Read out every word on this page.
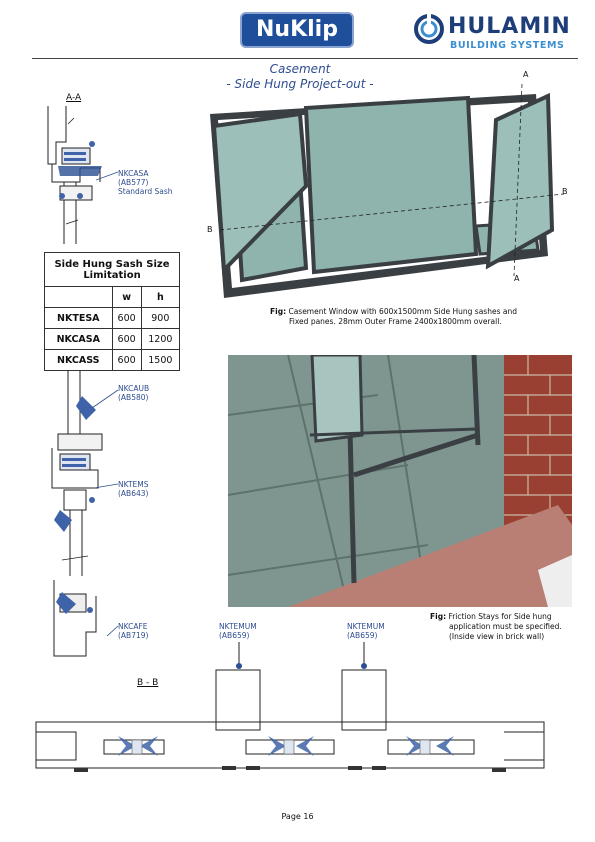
NuKlip	HULAMIN
BUILDING SYSTEMS
Casement
- Side Hung Project-out -
A-A
NKCASA
(AB577)
Standard Sash
Side Hung Sash Size Limitation		
	w	h
NKTESA	600	900
NKCASA	600	1200
NKCASS	600	1500
A
A
B
B
Fig: Casement Window with 600x1500mm Side Hung sashes and
Fixed panes. 28mm Outer Frame 2400x1800mm overall.
NKCAUB
(AB580)
NKTEMS
(AB643)
NKCAFE
(AB719)
Fig: Friction Stays for Side hung
application must be specified.
(Inside view in brick wall)
NKTEMUM
(AB659)
NKTEMUM
(AB659)
B - B
Page 16
